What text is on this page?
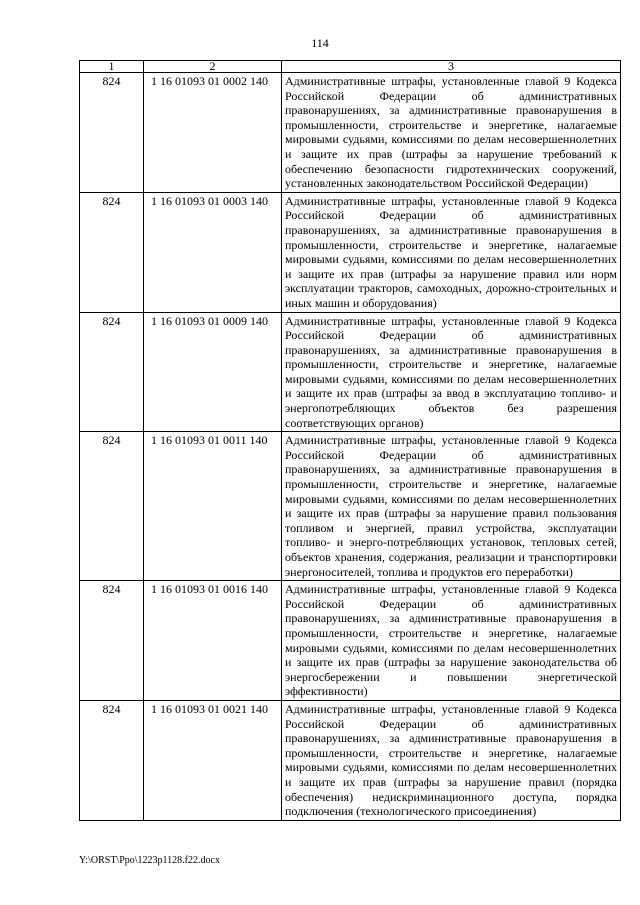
114
1	2	3
824	1 16 01093 01 0002 140	Административные штрафы, установленные главой 9 Кодекса Российской Федерации об административных правонарушениях, за административные правонарушения в промышленности, строительстве и энергетике, налагаемые мировыми судьями, комиссиями по делам несовершеннолетних и защите их прав (штрафы за нарушение требований к обеспечению безопасности гидротехнических сооружений, установленных законодательством Российской Федерации)
824	1 16 01093 01 0003 140	Административные штрафы, установленные главой 9 Кодекса Российской Федерации об административных правонарушениях, за административные правонарушения в промышленности, строительстве и энергетике, налагаемые мировыми судьями, комиссиями по делам несовершеннолетних и защите их прав (штрафы за нарушение правил или норм эксплуатации тракторов, самоходных, дорожно-строительных и иных машин и оборудования)
824	1 16 01093 01 0009 140	Административные штрафы, установленные главой 9 Кодекса Российской Федерации об административных правонарушениях, за административные правонарушения в промышленности, строительстве и энергетике, налагаемые мировыми судьями, комиссиями по делам несовершеннолетних и защите их прав (штрафы за ввод в эксплуатацию топливо- и энергопотребляющих объектов без разрешения соответствующих органов)
824	1 16 01093 01 0011 140	Административные штрафы, установленные главой 9 Кодекса Российской Федерации об административных правонарушениях, за административные правонарушения в промышленности, строительстве и энергетике, налагаемые мировыми судьями, комиссиями по делам несовершеннолетних и защите их прав (штрафы за нарушение правил пользования топливом и энергией, правил устройства, эксплуатации топливо- и энерго-потребляющих установок, тепловых сетей, объектов хранения, содержания, реализации и транспортировки энергоносителей, топлива и продуктов его переработки)
824	1 16 01093 01 0016 140	Административные штрафы, установленные главой 9 Кодекса Российской Федерации об административных правонарушениях, за административные правонарушения в промышленности, строительстве и энергетике, налагаемые мировыми судьями, комиссиями по делам несовершеннолетних и защите их прав (штрафы за нарушение законодательства об энергосбережении и повышении энергетической эффективности)
824	1 16 01093 01 0021 140	Административные штрафы, установленные главой 9 Кодекса Российской Федерации об административных правонарушениях, за административные правонарушения в промышленности, строительстве и энергетике, налагаемые мировыми судьями, комиссиями по делам несовершеннолетних и защите их прав (штрафы за нарушение правил (порядка обеспечения) недискриминационного доступа, порядка подключения (технологического присоединения)
Y:\ORST\Ppo\1223p1128.f22.docx
